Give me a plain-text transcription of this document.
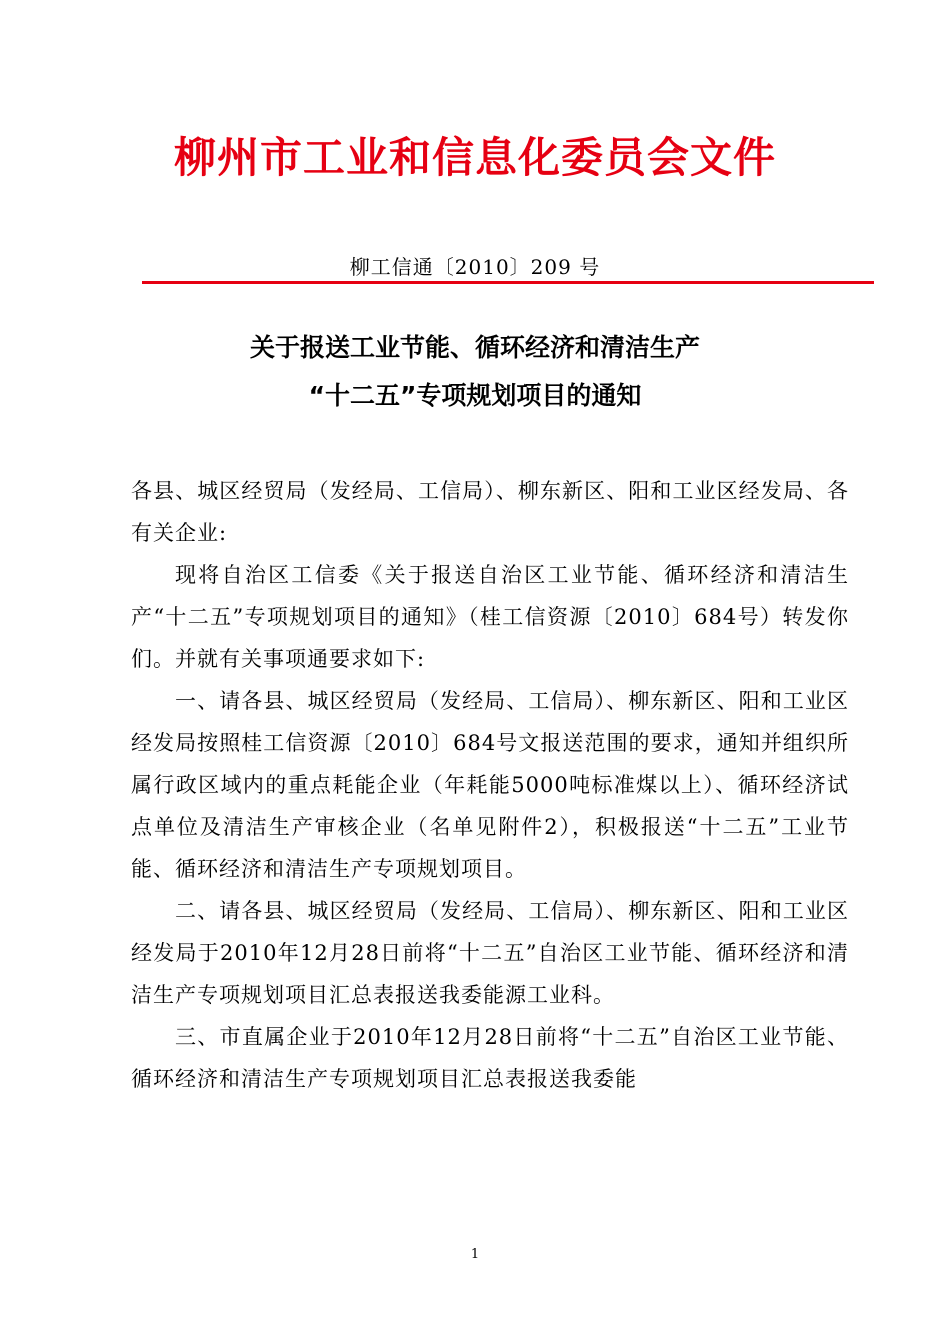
柳州市工业和信息化委员会文件
柳工信通〔2010〕209 号
关于报送工业节能、循环经济和清洁生产
“十二五”专项规划项目的通知

各县、城区经贸局（发经局、工信局）、柳东新区、阳和工业区经发局、各有关企业:

现将自治区工信委《关于报送自治区工业节能、循环经济和清洁生产“十二五”专项规划项目的通知》（桂工信资源〔2010〕684号）转发你们。并就有关事项通要求如下:

一、请各县、城区经贸局（发经局、工信局）、柳东新区、阳和工业区经发局按照桂工信资源〔2010〕684号文报送范围的要求，通知并组织所属行政区域内的重点耗能企业（年耗能5000吨标准煤以上）、循环经济试点单位及清洁生产审核企业（名单见附件2），积极报送“十二五”工业节能、循环经济和清洁生产专项规划项目。

二、请各县、城区经贸局（发经局、工信局）、柳东新区、阳和工业区经发局于2010年12月28日前将“十二五”自治区工业节能、循环经济和清洁生产专项规划项目汇总表报送我委能源工业科。

三、市直属企业于2010年12月28日前将“十二五”自治区工业节能、循环经济和清洁生产专项规划项目汇总表报送我委能

1
